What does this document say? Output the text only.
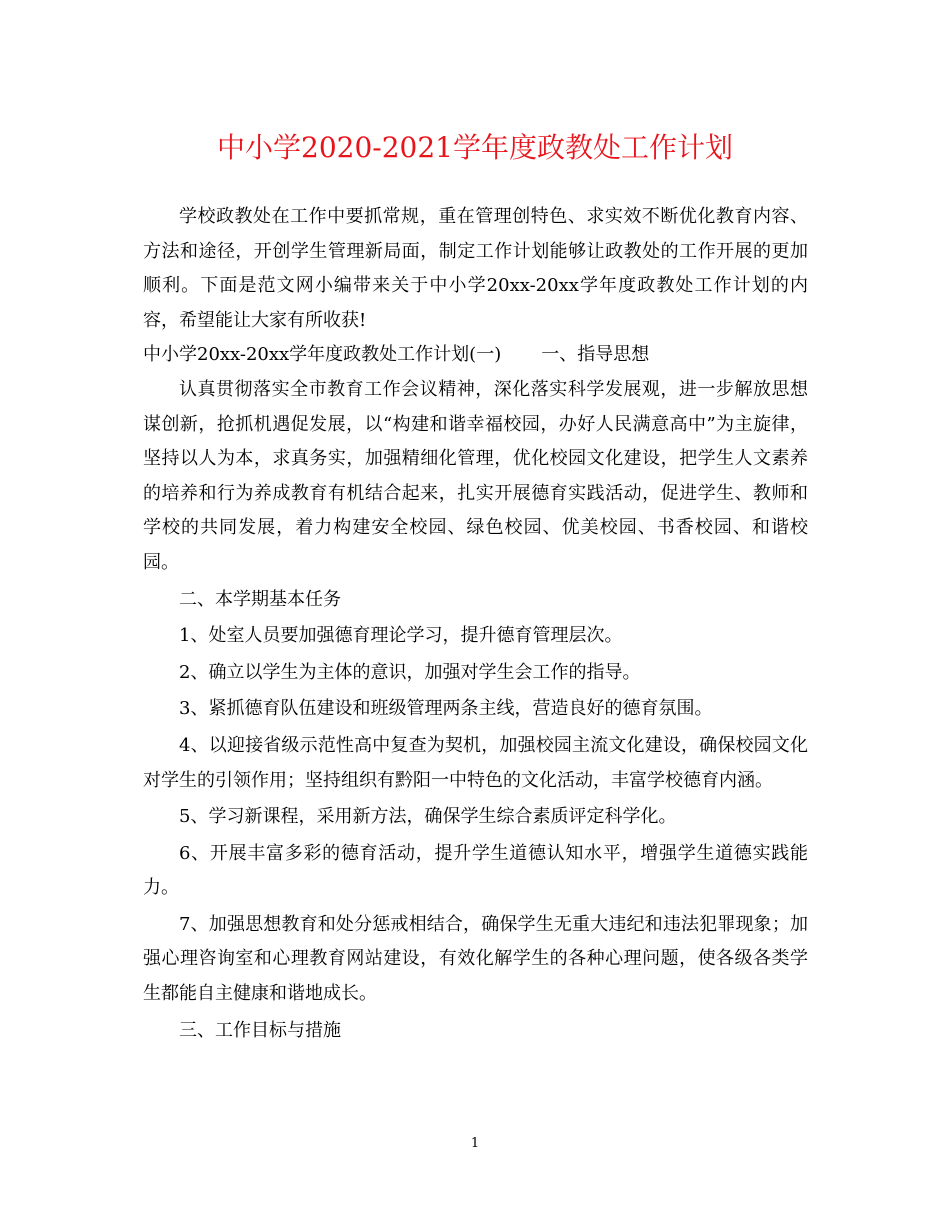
中小学2020-2021学年度政教处工作计划

学校政教处在工作中要抓常规，重在管理创特色、求实效不断优化教育内容、方法和途径，开创学生管理新局面，制定工作计划能够让政教处的工作开展的更加顺利。下面是范文网小编带来关于中小学20xx-20xx学年度政教处工作计划的内容，希望能让大家有所收获!

中小学20xx-20xx学年度政教处工作计划(一) 一、指导思想

认真贯彻落实全市教育工作会议精神，深化落实科学发展观，进一步解放思想谋创新，抢抓机遇促发展，以“构建和谐幸福校园，办好人民满意高中”为主旋律，坚持以人为本，求真务实，加强精细化管理，优化校园文化建设，把学生人文素养的培养和行为养成教育有机结合起来，扎实开展德育实践活动，促进学生、教师和学校的共同发展，着力构建安全校园、绿色校园、优美校园、书香校园、和谐校园。

二、本学期基本任务

1、处室人员要加强德育理论学习，提升德育管理层次。

2、确立以学生为主体的意识，加强对学生会工作的指导。

3、紧抓德育队伍建设和班级管理两条主线，营造良好的德育氛围。

4、以迎接省级示范性高中复查为契机，加强校园主流文化建设，确保校园文化对学生的引领作用；坚持组织有黔阳一中特色的文化活动，丰富学校德育内涵。

5、学习新课程，采用新方法，确保学生综合素质评定科学化。

6、开展丰富多彩的德育活动，提升学生道德认知水平，增强学生道德实践能力。

7、加强思想教育和处分惩戒相结合，确保学生无重大违纪和违法犯罪现象；加强心理咨询室和心理教育网站建设，有效化解学生的各种心理问题，使各级各类学生都能自主健康和谐地成长。

三、工作目标与措施

1
